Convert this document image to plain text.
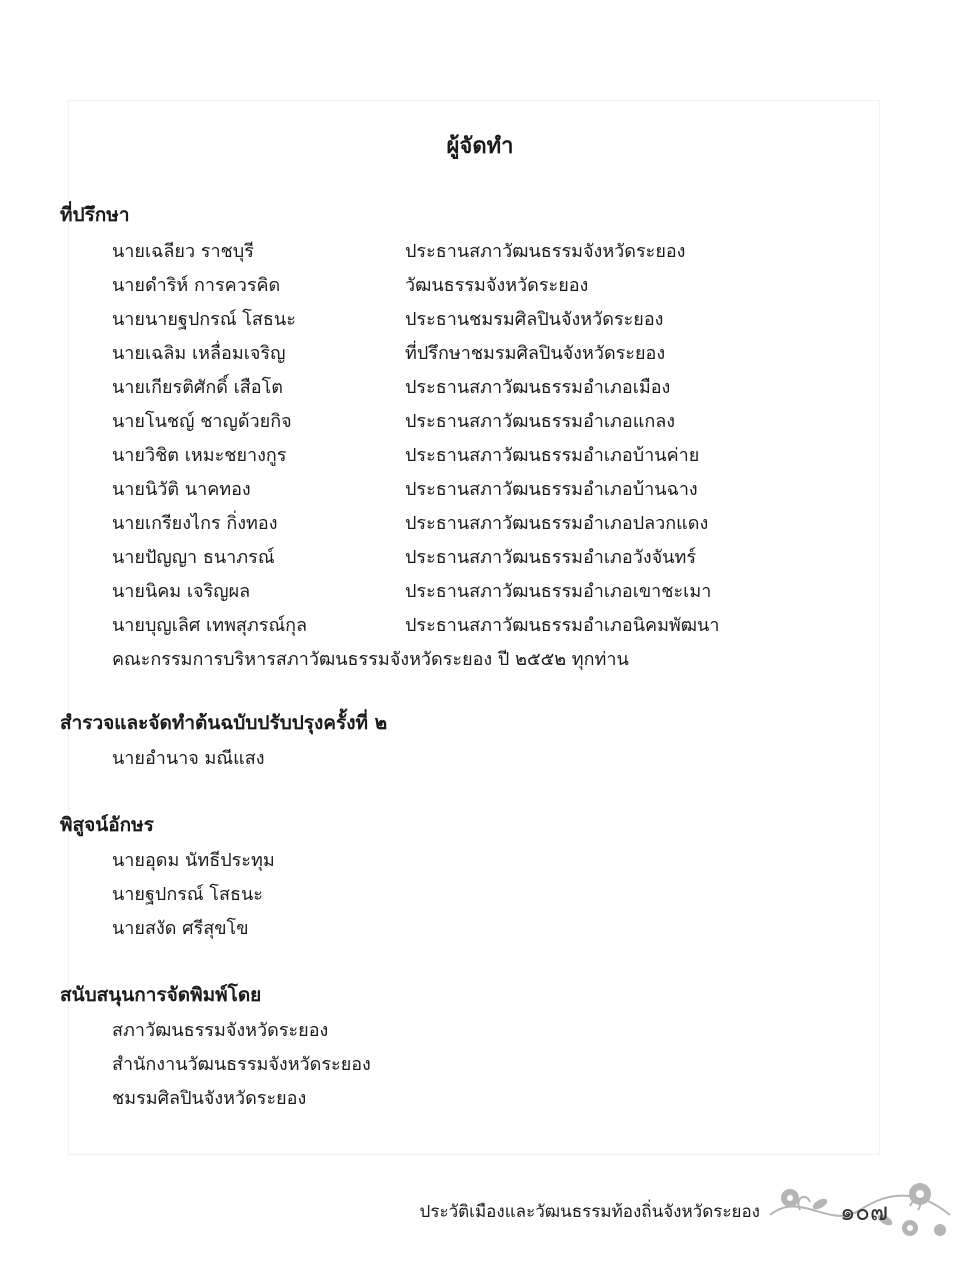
ผู้จัดทำ
ที่ปรึกษา
นายเฉลียว ราชบุรี	ประธานสภาวัฒนธรรมจังหวัดระยอง
นายดำริห์ การควรคิด	วัฒนธรรมจังหวัดระยอง
นายนายฐปกรณ์ โสธนะ	ประธานชมรมศิลปินจังหวัดระยอง
นายเฉลิม เหลื่อมเจริญ	ที่ปรึกษาชมรมศิลปินจังหวัดระยอง
นายเกียรติศักดิ์ เสือโต	ประธานสภาวัฒนธรรมอำเภอเมือง
นายโนชญ์ ชาญด้วยกิจ	ประธานสภาวัฒนธรรมอำเภอแกลง
นายวิชิต เหมะชยางกูร	ประธานสภาวัฒนธรรมอำเภอบ้านค่าย
นายนิวัติ นาคทอง	ประธานสภาวัฒนธรรมอำเภอบ้านฉาง
นายเกรียงไกร กิ่งทอง	ประธานสภาวัฒนธรรมอำเภอปลวกแดง
นายปัญญา ธนาภรณ์	ประธานสภาวัฒนธรรมอำเภอวังจันทร์
นายนิคม เจริญผล	ประธานสภาวัฒนธรรมอำเภอเขาชะเมา
นายบุญเลิศ เทพสุภรณ์กุล	ประธานสภาวัฒนธรรมอำเภอนิคมพัฒนา
คณะกรรมการบริหารสภาวัฒนธรรมจังหวัดระยอง ปี ๒๕๕๒ ทุกท่าน
สำรวจและจัดทำต้นฉบับปรับปรุงครั้งที่ ๒
นายอำนาจ มณีแสง
พิสูจน์อักษร
นายอุดม นัทธีประทุม
นายฐปกรณ์ โสธนะ
นายสงัด ศรีสุขโข
สนับสนุนการจัดพิมพ์โดย
สภาวัฒนธรรมจังหวัดระยอง
สำนักงานวัฒนธรรมจังหวัดระยอง
ชมรมศิลปินจังหวัดระยอง
ประวัติเมืองและวัฒนธรรมท้องถิ่นจังหวัดระยอง	๑๐๗
